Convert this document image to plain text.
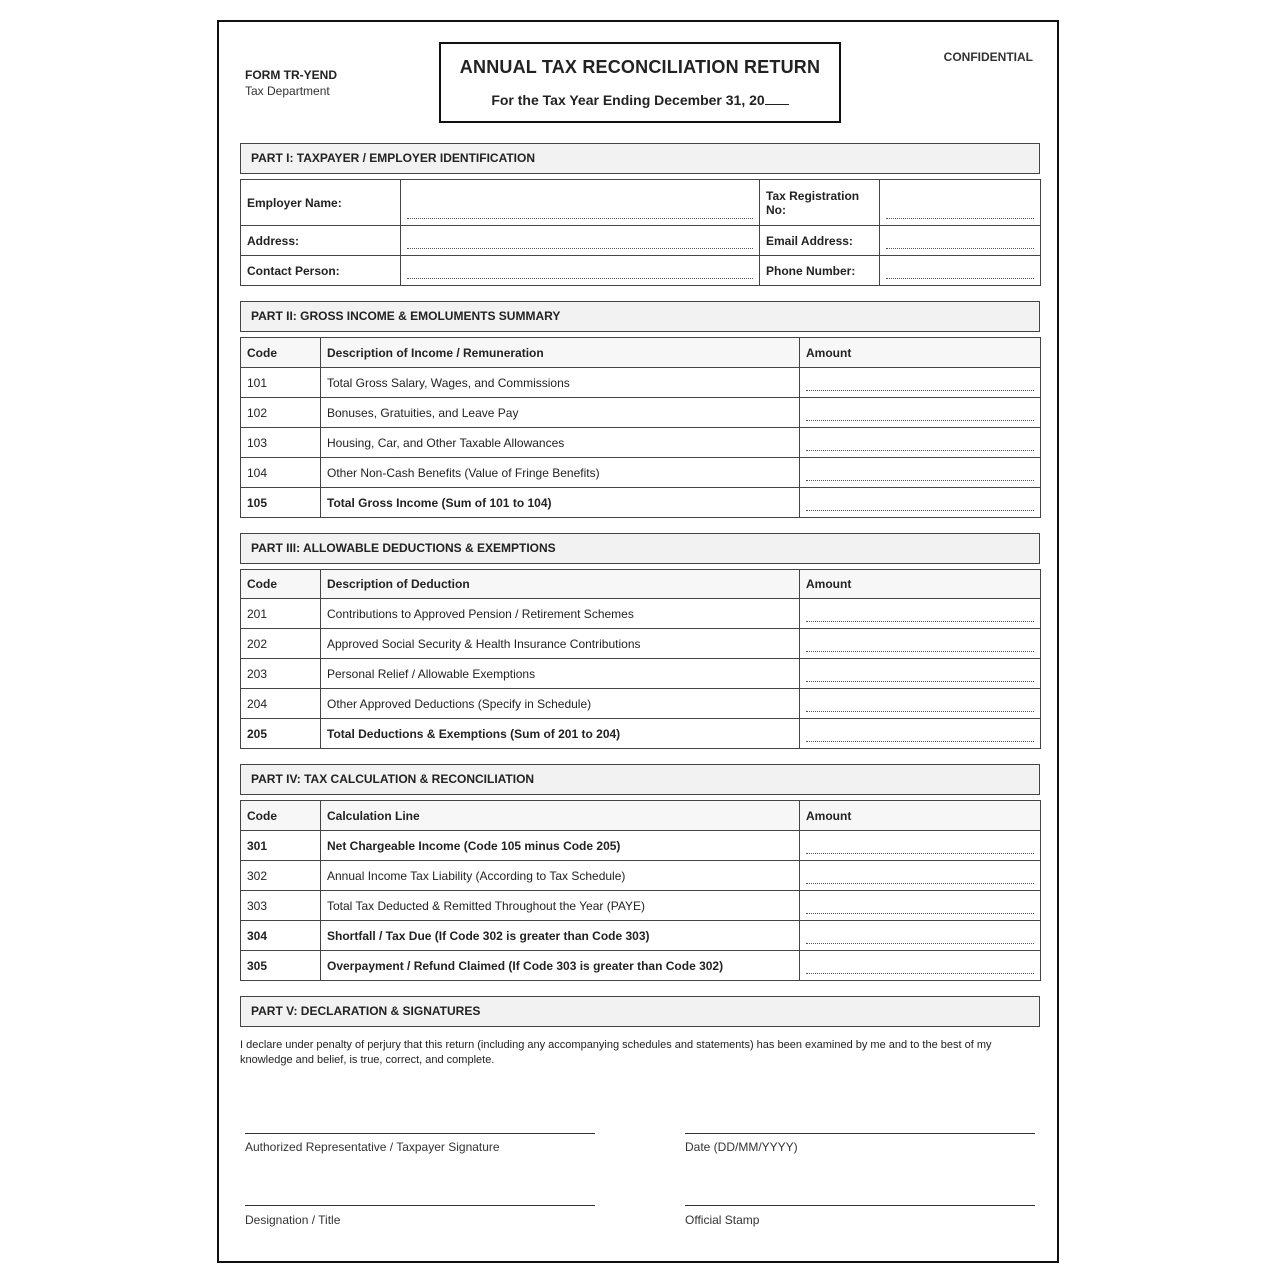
FORM TR-YEND
Tax Department
CONFIDENTIAL
ANNUAL TAX RECONCILIATION RETURN
For the Tax Year Ending December 31, 20
PART I: TAXPAYER / EMPLOYER IDENTIFICATION
Employer Name:		Tax Registration No:	

Address:		Email Address:	

Contact Person:		Phone Number:	
PART II: GROSS INCOME & EMOLUMENTS SUMMARY
Code	Description of Income / Remuneration	Amount
101	Total Gross Salary, Wages, and Commissions	

102	Bonuses, Gratuities, and Leave Pay	

103	Housing, Car, and Other Taxable Allowances	

104	Other Non-Cash Benefits (Value of Fringe Benefits)	

105	Total Gross Income (Sum of 101 to 104)	
PART III: ALLOWABLE DEDUCTIONS & EXEMPTIONS
Code	Description of Deduction	Amount
201	Contributions to Approved Pension / Retirement Schemes	

202	Approved Social Security & Health Insurance Contributions	

203	Personal Relief / Allowable Exemptions	

204	Other Approved Deductions (Specify in Schedule)	

205	Total Deductions & Exemptions (Sum of 201 to 204)	
PART IV: TAX CALCULATION & RECONCILIATION
Code	Calculation Line	Amount
301	Net Chargeable Income (Code 105 minus Code 205)	

302	Annual Income Tax Liability (According to Tax Schedule)	

303	Total Tax Deducted & Remitted Throughout the Year (PAYE)	

304	Shortfall / Tax Due (If Code 302 is greater than Code 303)	

305	Overpayment / Refund Claimed (If Code 303 is greater than Code 302)	
PART V: DECLARATION & SIGNATURES
I declare under penalty of perjury that this return (including any accompanying schedules and statements) has been examined by me and to the best of my knowledge and belief, is true, correct, and complete.
Authorized Representative / Taxpayer Signature	Date (DD/MM/YYYY)
Designation / Title	Official Stamp
